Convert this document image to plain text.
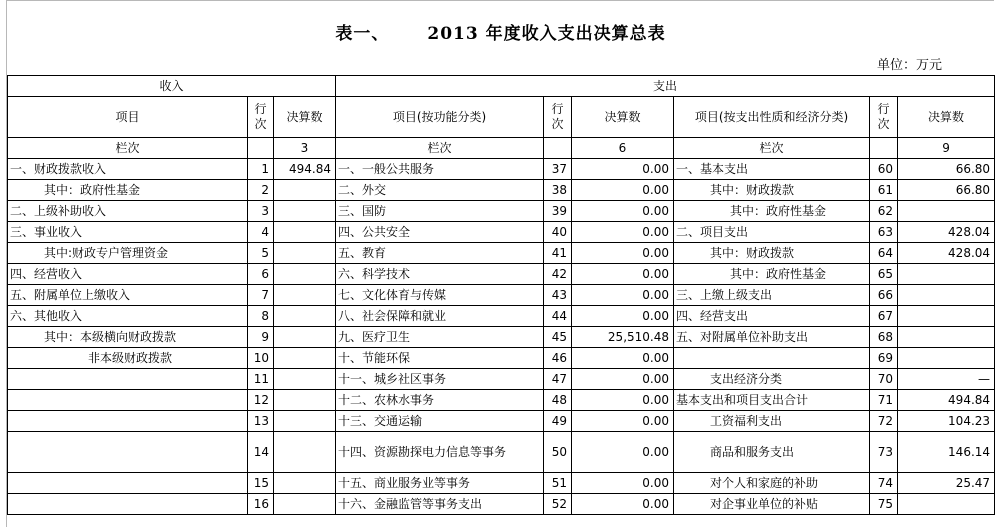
表一、 2013 年度收入支出决算总表
单位：万元
收入			支出					
项目	行次	决算数	项目(按功能分类)	行次	决算数	项目(按支出性质和经济分类)	行次	决算数
栏次		3	栏次		6	栏次		9
一、财政拨款收入	1	494.84	一、一般公共服务	37	0.00	一、基本支出	60	66.80
其中：政府性基金	2		二、外交	38	0.00	其中：财政拨款	61	66.80
二、上级补助收入	3		三、国防	39	0.00	其中：政府性基金	62	
三、事业收入	4		四、公共安全	40	0.00	二、项目支出	63	428.04
其中:财政专户管理资金	5		五、教育	41	0.00	其中：财政拨款	64	428.04
四、经营收入	6		六、科学技术	42	0.00	其中：政府性基金	65	
五、附属单位上缴收入	7		七、文化体育与传媒	43	0.00	三、上缴上级支出	66	
六、其他收入	8		八、社会保障和就业	44	0.00	四、经营支出	67	
其中：本级横向财政拨款	9		九、医疗卫生	45	25,510.48	五、对附属单位补助支出	68	
非本级财政拨款	10		十、节能环保	46	0.00		69	
	11		十一、城乡社区事务	47	0.00	支出经济分类	70	—
	12		十二、农林水事务	48	0.00	基本支出和项目支出合计	71	494.84
	13		十三、交通运输	49	0.00	工资福利支出	72	104.23
	14		十四、资源勘探电力信息等事务	50	0.00	商品和服务支出	73	146.14
	15		十五、商业服务业等事务	51	0.00	对个人和家庭的补助	74	25.47
	16		十六、金融监管等事务支出	52	0.00	对企事业单位的补贴	75	
